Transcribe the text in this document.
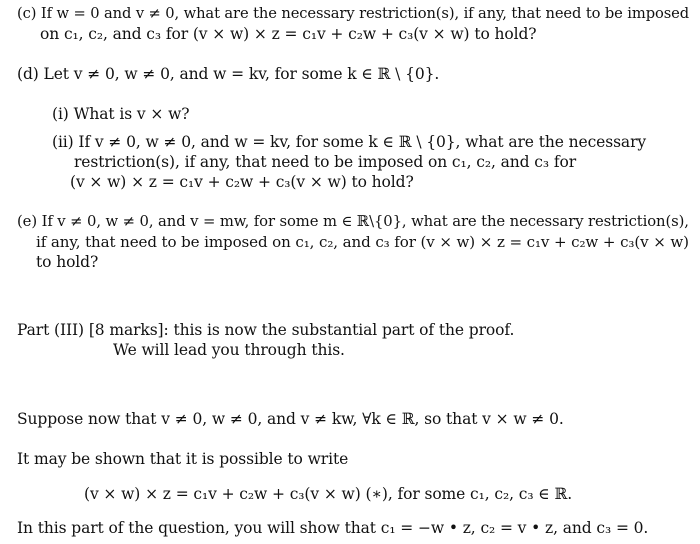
(c) If w = 0 and v ≠ 0, what are the necessary restriction(s), if any, that need to be imposed
on c₁, c₂, and c₃ for (v × w) × z = c₁v + c₂w + c₃(v × w) to hold?
(d) Let v ≠ 0, w ≠ 0, and w = kv, for some k ∈ ℝ \ {0}.
(i) What is v × w?
(ii) If v ≠ 0, w ≠ 0, and w = kv, for some k ∈ ℝ \ {0}, what are the necessary
restriction(s), if any, that need to be imposed on c₁, c₂, and c₃ for
(v × w) × z = c₁v + c₂w + c₃(v × w) to hold?
(e) If v ≠ 0, w ≠ 0, and v = mw, for some m ∈ ℝ\{0}, what are the necessary restriction(s),
if any, that need to be imposed on c₁, c₂, and c₃ for (v × w) × z = c₁v + c₂w + c₃(v × w)
to hold?
Part (III) [8 marks]: this is now the substantial part of the proof.
We will lead you through this.
Suppose now that v ≠ 0, w ≠ 0, and v ≠ kw, ∀k ∈ ℝ, so that v × w ≠ 0.
It may be shown that it is possible to write
(v × w) × z = c₁v + c₂w + c₃(v × w) (∗), for some c₁, c₂, c₃ ∈ ℝ.
In this part of the question, you will show that c₁ = −w • z, c₂ = v • z, and c₃ = 0.
